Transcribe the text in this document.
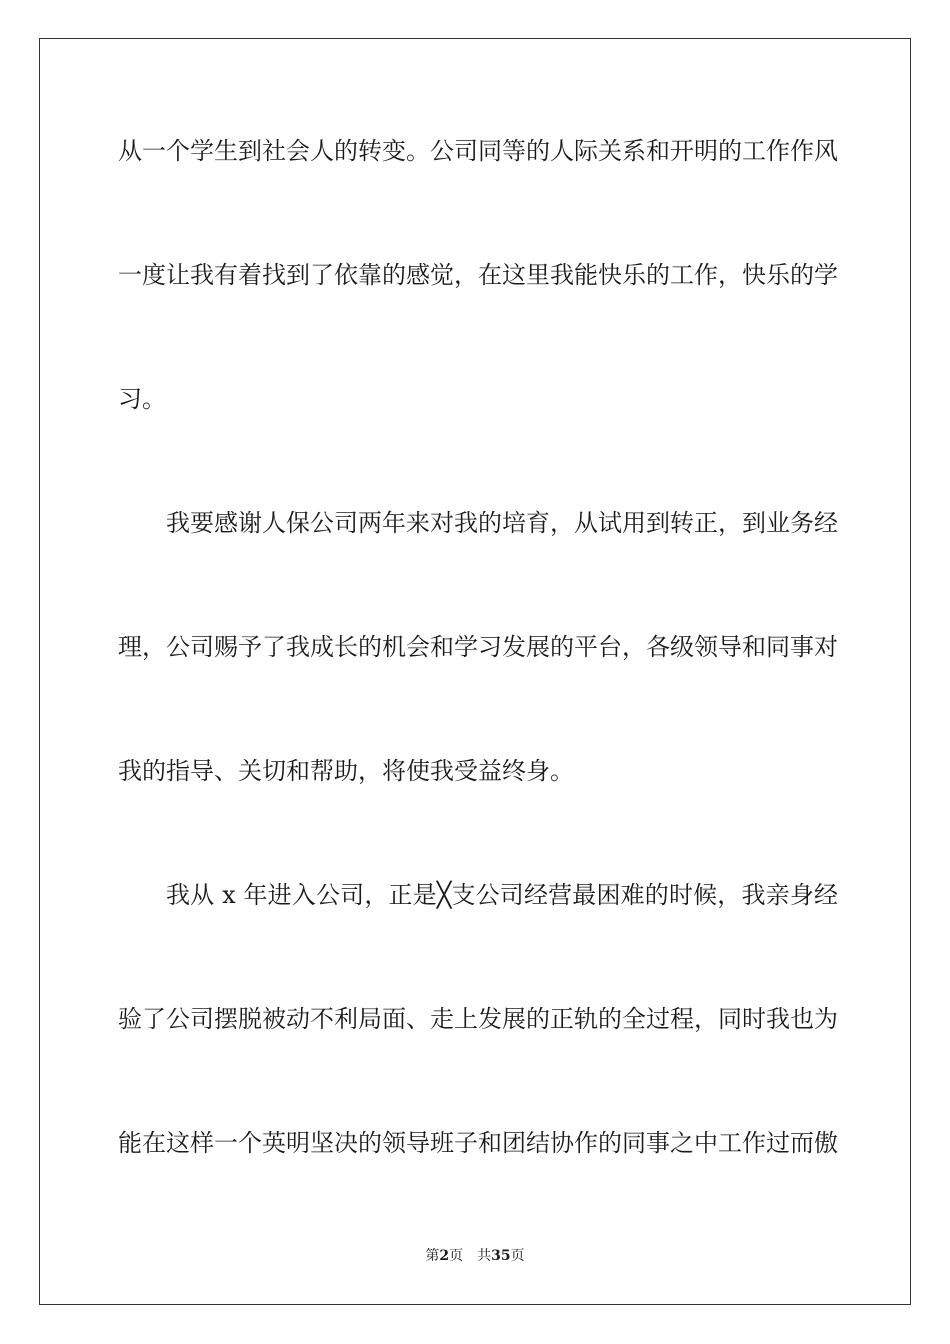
从一个学生到社会人的转变。公司同等的人际关系和开明的工作作风
一度让我有着找到了依靠的感觉，在这里我能快乐的工作，快乐的学
习。
我要感谢人保公司两年来对我的培育，从试用到转正，到业务经
理，公司赐予了我成长的机会和学习发展的平台，各级领导和同事对
我的指导、关切和帮助，将使我受益终身。
我从 x 年进入公司，正是╳支公司经营最困难的时候，我亲身经
验了公司摆脱被动不利局面、走上发展的正轨的全过程，同时我也为
能在这样一个英明坚决的领导班子和团结协作的同事之中工作过而傲
第2页 共35页
